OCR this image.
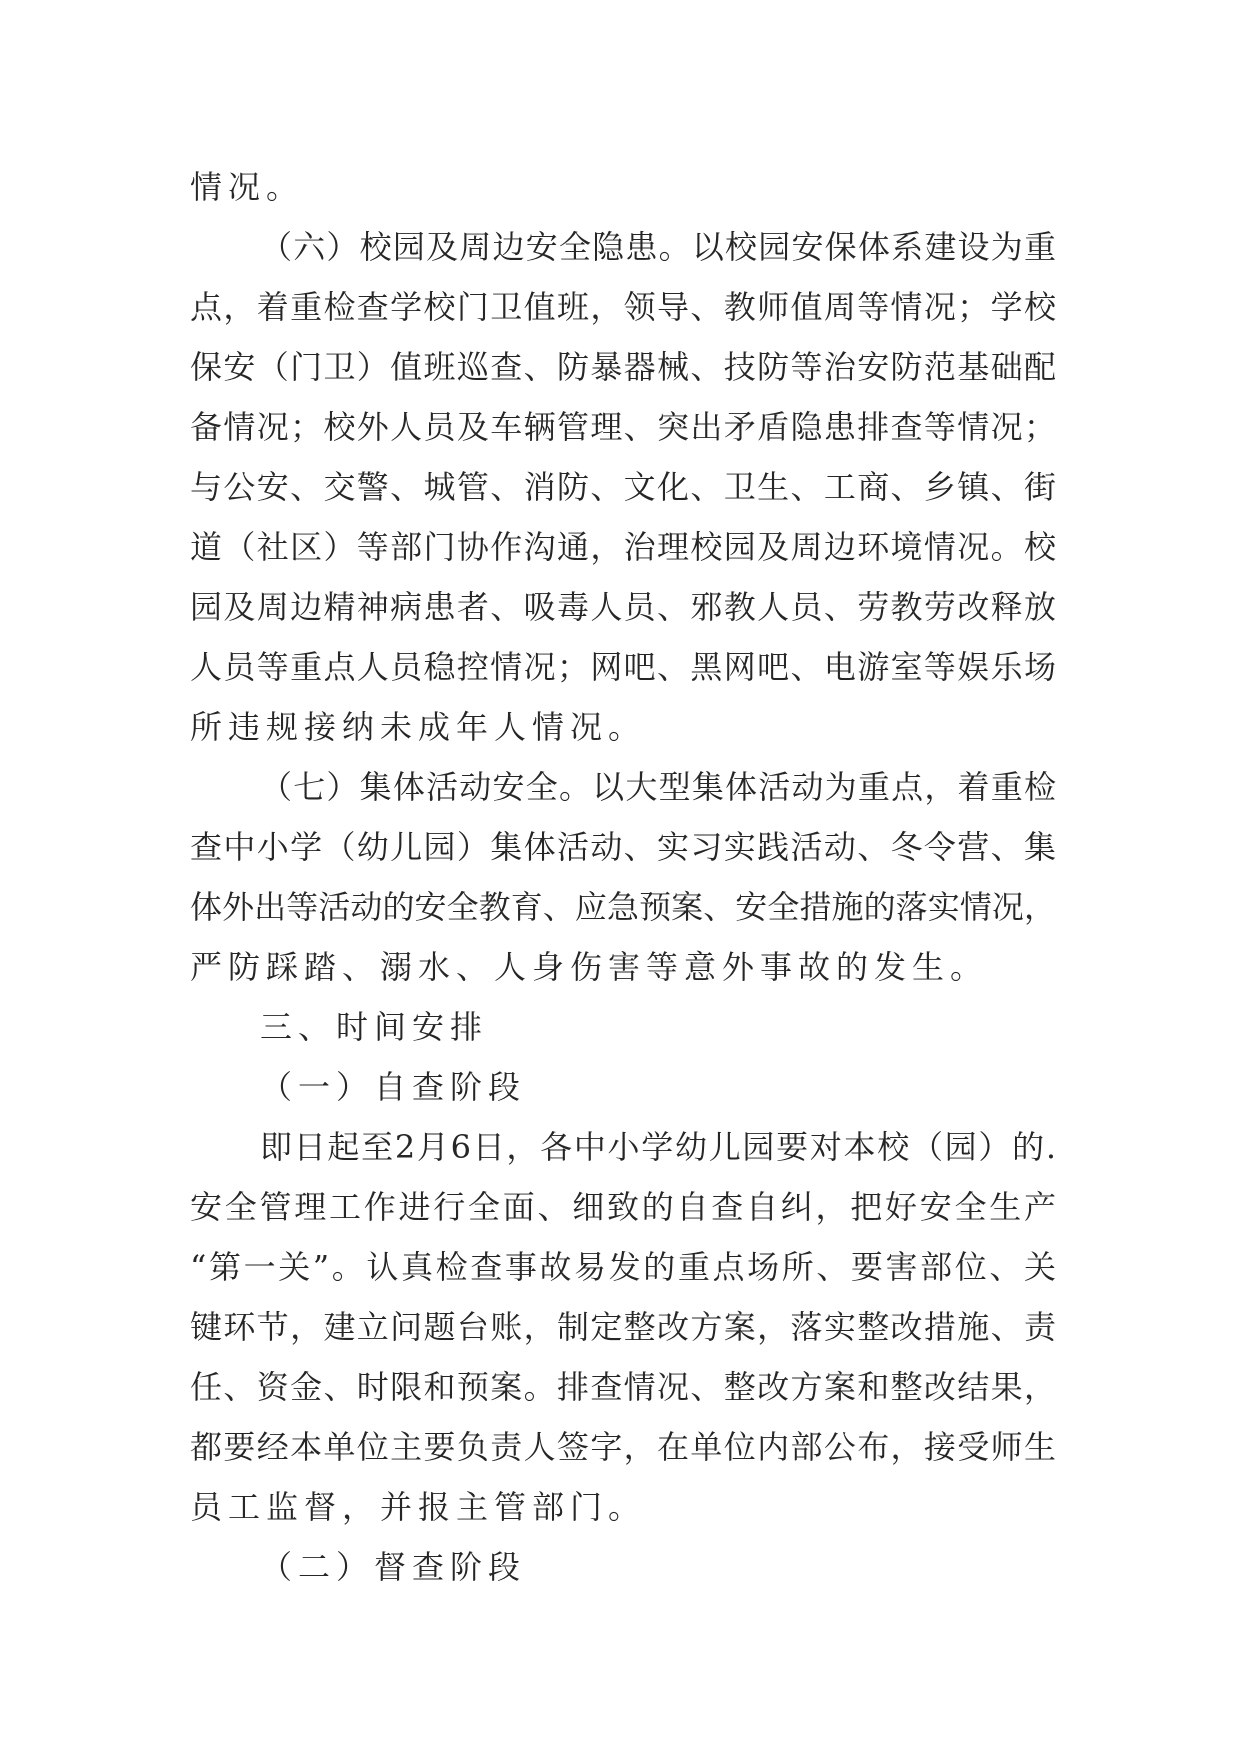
情况。
（六）校园及周边安全隐患。以校园安保体系建设为重
点，着重检查学校门卫值班，领导、教师值周等情况；学校
保安（门卫）值班巡查、防暴器械、技防等治安防范基础配
备情况；校外人员及车辆管理、突出矛盾隐患排查等情况；
与公安、交警、城管、消防、文化、卫生、工商、乡镇、街
道（社区）等部门协作沟通，治理校园及周边环境情况。校
园及周边精神病患者、吸毒人员、邪教人员、劳教劳改释放
人员等重点人员稳控情况；网吧、黑网吧、电游室等娱乐场
所违规接纳未成年人情况。
（七）集体活动安全。以大型集体活动为重点，着重检
查中小学（幼儿园）集体活动、实习实践活动、冬令营、集
体外出等活动的安全教育、应急预案、安全措施的落实情况，
严防踩踏、溺水、人身伤害等意外事故的发生。
三、时间安排
（一）自查阶段
即日起至2月6日，各中小学幼儿园要对本校（园）的.
安全管理工作进行全面、细致的自查自纠，把好安全生产
“第一关”。认真检查事故易发的重点场所、要害部位、关
键环节，建立问题台账，制定整改方案，落实整改措施、责
任、资金、时限和预案。排查情况、整改方案和整改结果，
都要经本单位主要负责人签字，在单位内部公布，接受师生
员工监督，并报主管部门。
（二）督查阶段
